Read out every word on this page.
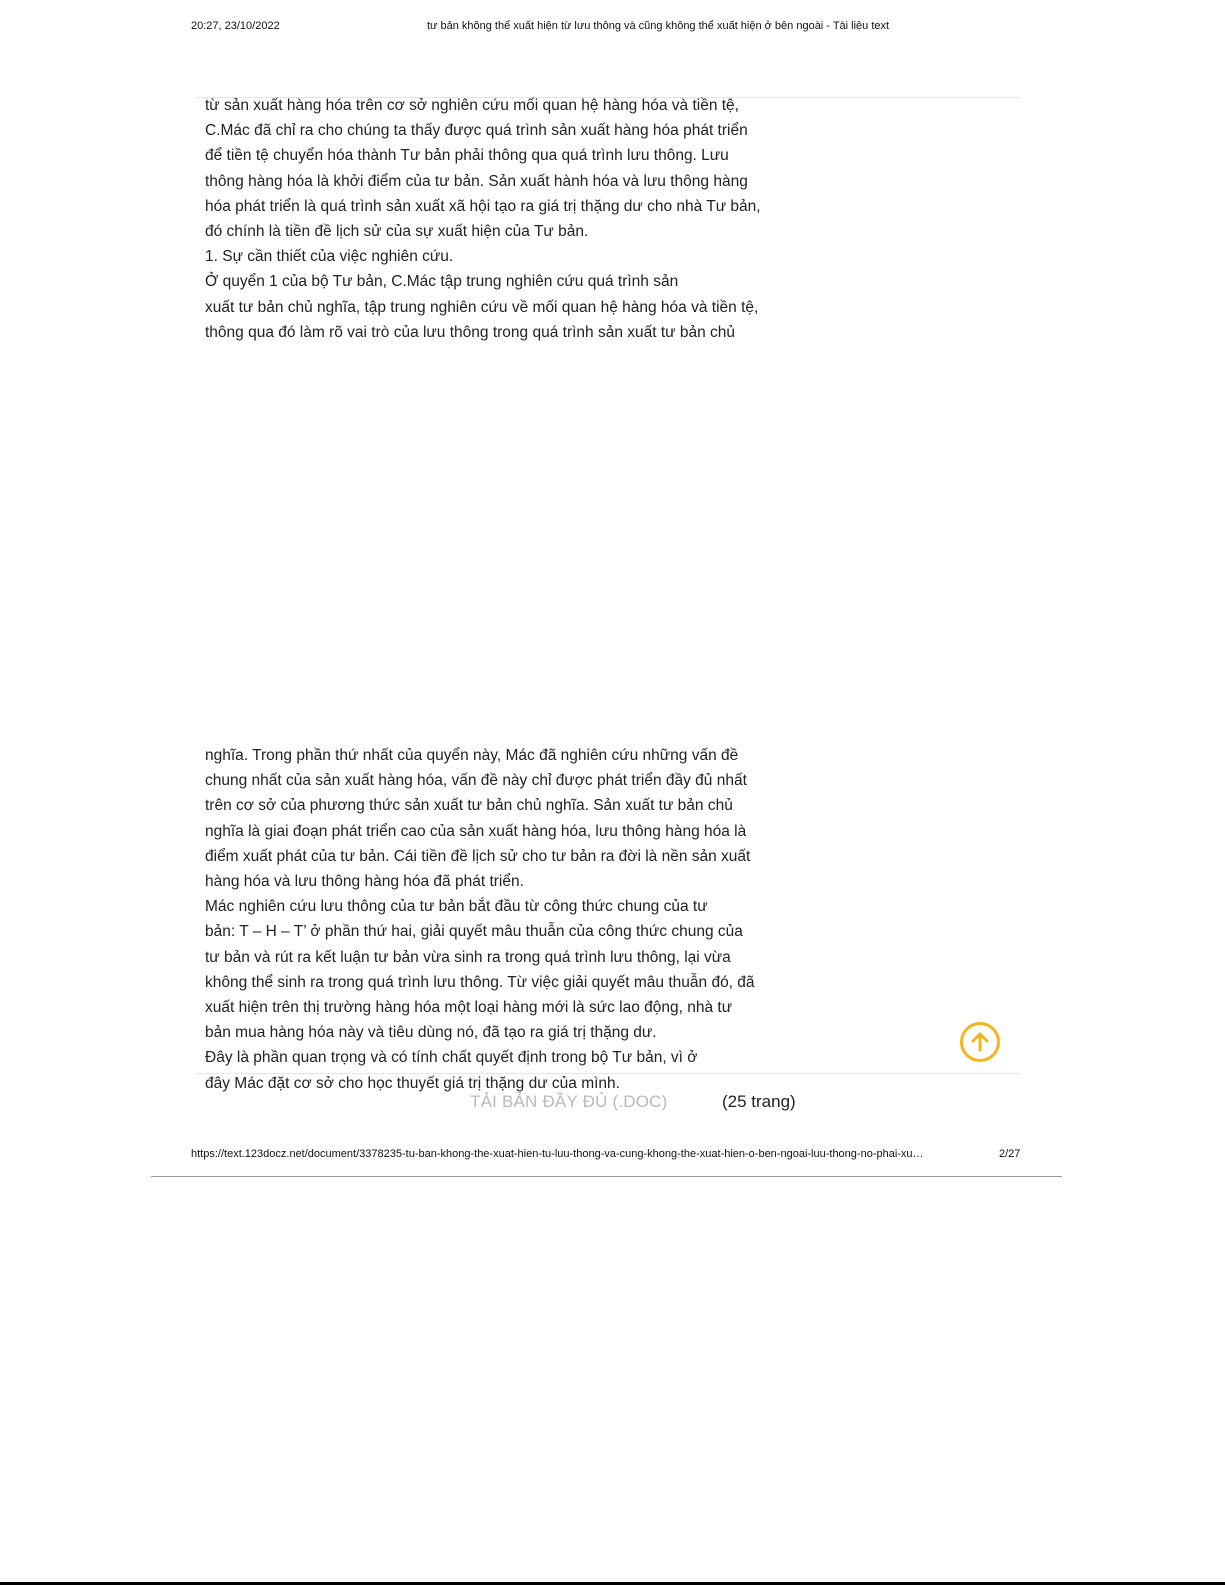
20:27, 23/10/2022	tư bản không thể xuất hiện từ lưu thông và cũng không thể xuất hiện ở bên ngoài - Tài liệu text
từ sản xuất hàng hóa trên cơ sở nghiên cứu mối quan hệ hàng hóa và tiền tệ,
C.Mác đã chỉ ra cho chúng ta thấy được quá trình sản xuất hàng hóa phát triển
để tiền tệ chuyển hóa thành Tư bản phải thông qua quá trình lưu thông. Lưu
thông hàng hóa là khởi điểm của tư bản. Sản xuất hành hóa và lưu thông hàng
hóa phát triển là quá trình sản xuất xã hội tạo ra giá trị thặng dư cho nhà Tư bản,
đó chính là tiền đề lịch sử của sự xuất hiện của Tư bản.
1. Sự cần thiết của việc nghiên cứu.
Ở quyển 1 của bộ Tư bản, C.Mác tập trung nghiên cứu quá trình sản
xuất tư bản chủ nghĩa, tập trung nghiên cứu về mối quan hệ hàng hóa và tiền tệ,
thông qua đó làm rõ vai trò của lưu thông trong quá trình sản xuất tư bản chủ
nghĩa. Trong phần thứ nhất của quyển này, Mác đã nghiên cứu những vấn đề
chung nhất của sản xuất hàng hóa, vấn đề này chỉ được phát triển đầy đủ nhất
trên cơ sở của phương thức sản xuất tư bản chủ nghĩa. Sản xuất tư bản chủ
nghĩa là giai đoạn phát triển cao của sản xuất hàng hóa, lưu thông hàng hóa là
điểm xuất phát của tư bản. Cái tiền đề lịch sử cho tư bản ra đời là nền sản xuất
hàng hóa và lưu thông hàng hóa đã phát triển.
Mác nghiên cứu lưu thông của tư bản bắt đầu từ công thức chung của tư
bản: T – H – T’ ở phần thứ hai, giải quyết mâu thuẫn của công thức chung của
tư bản và rút ra kết luận tư bản vừa sinh ra trong quá trình lưu thông, lại vừa
không thể sinh ra trong quá trình lưu thông. Từ việc giải quyết mâu thuẫn đó, đã
xuất hiện trên thị trường hàng hóa một loại hàng mới là sức lao động, nhà tư
bản mua hàng hóa này và tiêu dùng nó, đã tạo ra giá trị thặng dư.
Đây là phần quan trọng và có tính chất quyết định trong bộ Tư bản, vì ở
đây Mác đặt cơ sở cho học thuyết giá trị thặng dư của mình.
TẢI BẢN ĐẦY ĐỦ (.DOC)	(25 trang)
https://text.123docz.net/document/3378235-tu-ban-khong-the-xuat-hien-tu-luu-thong-va-cung-khong-the-xuat-hien-o-ben-ngoai-luu-thong-no-phai-xu…	2/27
